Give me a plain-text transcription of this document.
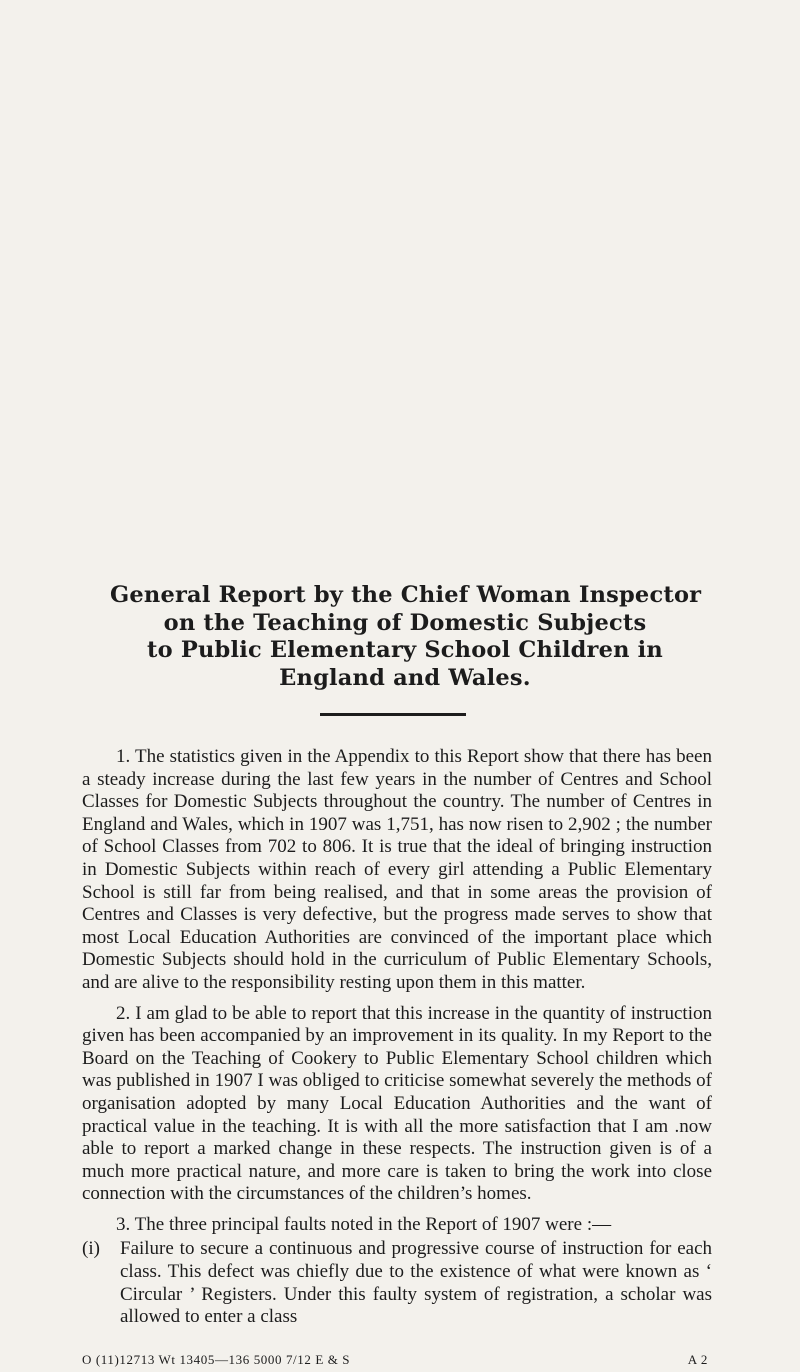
General Report by the Chief Woman Inspector
on the Teaching of Domestic Subjects
to Public Elementary School Children in
England and Wales.

1. The statistics given in the Appendix to this Report show that there has been a steady increase during the last few years in the number of Centres and School Classes for Domestic Subjects throughout the country. The number of Centres in England and Wales, which in 1907 was 1,751, has now risen to 2,902 ; the number of School Classes from 702 to 806. It is true that the ideal of bringing instruction in Domestic Subjects within reach of every girl attending a Public Elementary School is still far from being realised, and that in some areas the provision of Centres and Classes is very defective, but the progress made serves to show that most Local Education Authorities are convinced of the important place which Domestic Subjects should hold in the curriculum of Public Elementary Schools, and are alive to the responsibility resting upon them in this matter.

2. I am glad to be able to report that this increase in the quantity of instruction given has been accompanied by an improvement in its quality. In my Report to the Board on the Teaching of Cookery to Public Elementary School children which was published in 1907 I was obliged to criticise somewhat severely the methods of organisation adopted by many Local Education Authorities and the want of practical value in the teaching. It is with all the more satisfaction that I am .now able to report a marked change in these respects. The instruction given is of a much more practical nature, and more care is taken to bring the work into close connection with the circumstances of the children’s homes.

3. The three principal faults noted in the Report of 1907 were :—

(i)	Failure to secure a continuous and progressive course of instruction for each class. This defect was chiefly due to the existence of what were known as ‘ Circular ’ Registers. Under this faulty system of registration, a scholar was allowed to enter a class
O (11)12713 Wt 13405—136 5000 7/12 E & S	A 2
